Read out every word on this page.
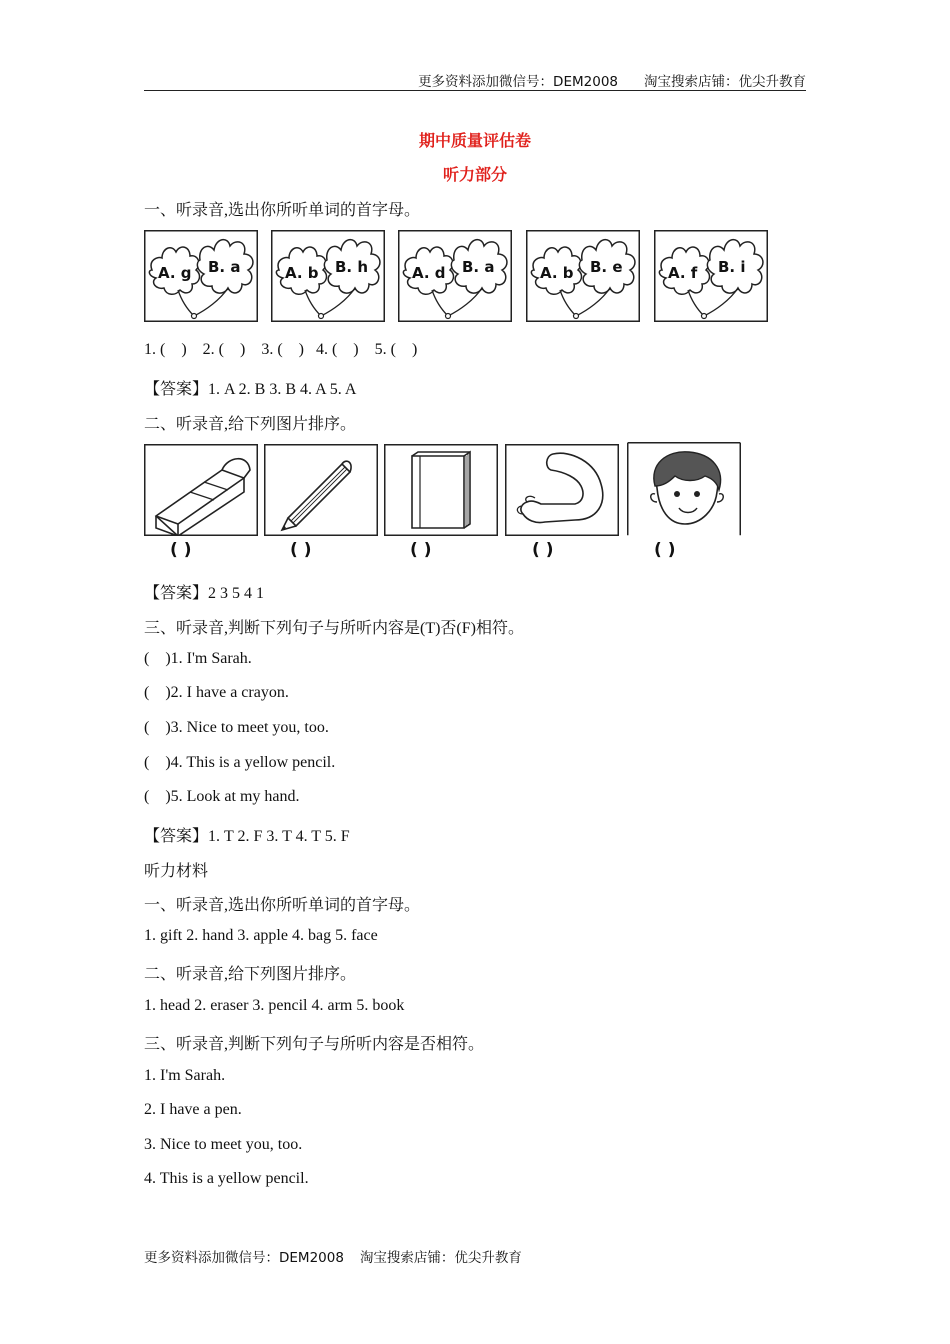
更多资料添加微信号：DEM2008 淘宝搜索店铺：优尖升教育
期中质量评估卷
听力部分
一、听录音,选出你所听单词的首字母。
A. g B. a	A. b B. h	A. d B. a	A. b B. e	A. f B. i
1. (    )    2. (    )    3. (    )   4. (    )    5. (    )
【答案】1. A 2. B 3. B 4. A 5. A
二、听录音,给下列图片排序。
( )	( )	( )	( )	( )
【答案】2 3 5 4 1
三、听录音,判断下列句子与所听内容是(T)否(F)相符。
(    )1. I'm Sarah.
(    )2. I have a crayon.
(    )3. Nice to meet you, too.
(    )4. This is a yellow pencil.
(    )5. Look at my hand.
【答案】1. T 2. F 3. T 4. T 5. F
听力材料
一、听录音,选出你所听单词的首字母。
1. gift 2. hand 3. apple 4. bag 5. face
二、听录音,给下列图片排序。
1. head 2. eraser 3. pencil 4. arm 5. book
三、听录音,判断下列句子与所听内容是否相符。
1. I'm Sarah.
2. I have a pen.
3. Nice to meet you, too.
4. This is a yellow pencil.
更多资料添加微信号：DEM2008 淘宝搜索店铺：优尖升教育
